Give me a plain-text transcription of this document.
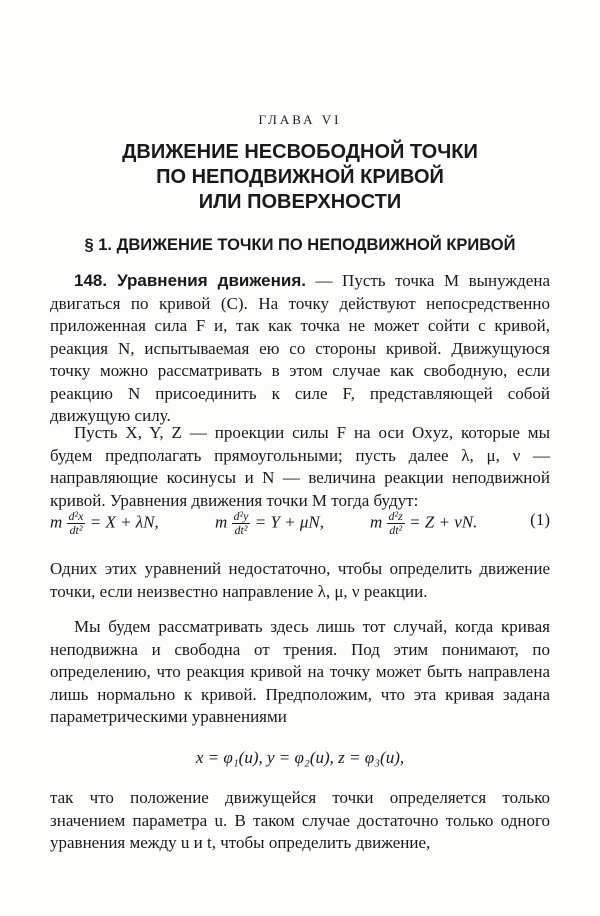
ГЛАВА VI
ДВИЖЕНИЕ НЕСВОБОДНОЙ ТОЧКИ
ПО НЕПОДВИЖНОЙ КРИВОЙ
ИЛИ ПОВЕРХНОСТИ
§ 1. ДВИЖЕНИЕ ТОЧКИ ПО НЕПОДВИЖНОЙ КРИВОЙ
148. Уравнения движения. — Пусть точка M вынуждена двигаться по кривой (C). На точку действуют непосредственно приложенная сила F и, так как точка не может сойти с кривой, реакция N, испытываемая ею со стороны кривой. Движущуюся точку можно рассматривать в этом случае как свободную, если реакцию N присоединить к силе F, представляющей собой движущую силу.
Пусть X, Y, Z — проекции силы F на оси Oxyz, которые мы будем предполагать прямоугольными; пусть далее λ, μ, ν — направляющие косинусы и N — величина реакции неподвижной кривой. Уравнения движения точки M тогда будут:
m $\frac{\text{d²x}}{\text{dt²}} = X + \lambda N$,	m $\frac{\text{d²y}}{\text{dt²}} = Y + \mu N$,	m $\frac{\text{d²z}}{\text{dt²}} = Z + \nu N$.	(1)
Одних этих уравнений недостаточно, чтобы определить движение точки, если неизвестно направление λ, μ, ν реакции.
Мы будем рассматривать здесь лишь тот случай, когда кривая неподвижна и свободна от трения. Под этим понимают, по определению, что реакция кривой на точку может быть направлена лишь нормально к кривой. Предположим, что эта кривая задана параметрическими уравнениями
x = φ₁(u), y = φ₂(u), z = φ₃(u),
так что положение движущейся точки определяется только значением параметра u. В таком случае достаточно только одного уравнения между u и t, чтобы определить движение,
